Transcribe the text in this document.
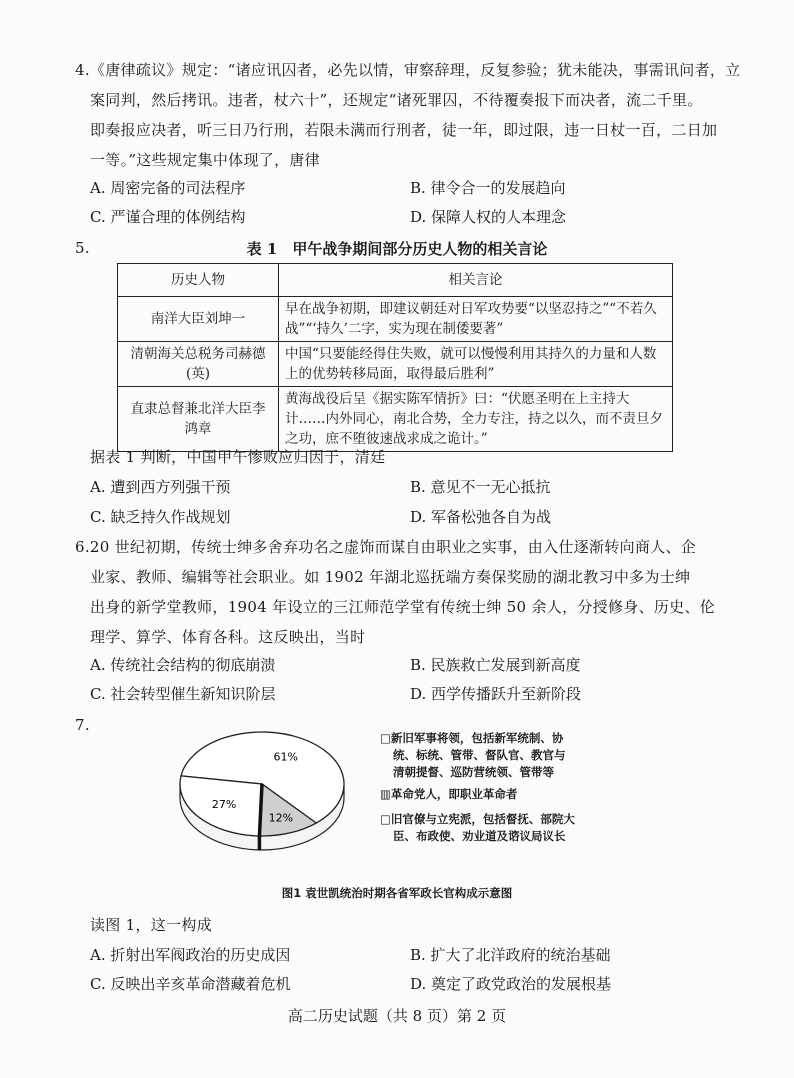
4.《唐律疏议》规定：“诸应讯囚者，必先以情，审察辞理，反复参验；犹未能决，事需讯问者，立
案同判，然后拷讯。违者，杖六十”，还规定“诸死罪囚，不待覆奏报下而决者，流二千里。
即奏报应决者，听三日乃行刑，若限未满而行刑者，徒一年，即过限，违一日杖一百，二日加
一等。”这些规定集中体现了，唐律
A. 周密完备的司法程序	B. 律令合一的发展趋向
C. 严谨合理的体例结构	D. 保障人权的人本理念
5.	表 1　甲午战争期间部分历史人物的相关言论
历史人物	相关言论
南洋大臣刘坤一	早在战争初期，即建议朝廷对日军攻势要“以坚忍持之”“不若久战”“‘持久’二字，实为现在制倭要著”
清朝海关总税务司赫德(英)	中国“只要能经得住失败，就可以慢慢利用其持久的力量和人数上的优势转移局面，取得最后胜利”
直隶总督兼北洋大臣李鸿章	黄海战役后呈《据实陈军情折》曰：“伏愿圣明在上主持大计……内外同心，南北合势，全力专注，持之以久，而不责旦夕之功，庶不堕彼速战求成之诡计。”
据表 1 判断，中国甲午惨败应归因于，清廷
A. 遭到西方列强干预	B. 意见不一无心抵抗
C. 缺乏持久作战规划	D. 军备松弛各自为战
6.20 世纪初期，传统士绅多舍弃功名之虚饰而谋自由职业之实事，由入仕逐渐转向商人、企
业家、教师、编辑等社会职业。如 1902 年湖北巡抚端方奏保奖励的湖北教习中多为士绅
出身的新学堂教师，1904 年设立的三江师范学堂有传统士绅 50 余人，分授修身、历史、伦
理学、算学、体育各科。这反映出，当时
A. 传统社会结构的彻底崩溃	B. 民族救亡发展到新高度
C. 社会转型催生新知识阶层	D. 西学传播跃升至新阶段
7.
61%
12%
27%
□新旧军事将领，包括新军统制、协
统、标统、管带、督队官、教官与
清朝提督、巡防营统领、管带等
▥革命党人，即职业革命者
□旧官僚与立宪派，包括督抚、部院大
臣、布政使、劝业道及谘议局议长
图1 袁世凯统治时期各省军政长官构成示意图
读图 1，这一构成
A. 折射出军阀政治的历史成因	B. 扩大了北洋政府的统治基础
C. 反映出辛亥革命潜藏着危机	D. 奠定了政党政治的发展根基
高二历史试题（共 8 页）第 2 页
